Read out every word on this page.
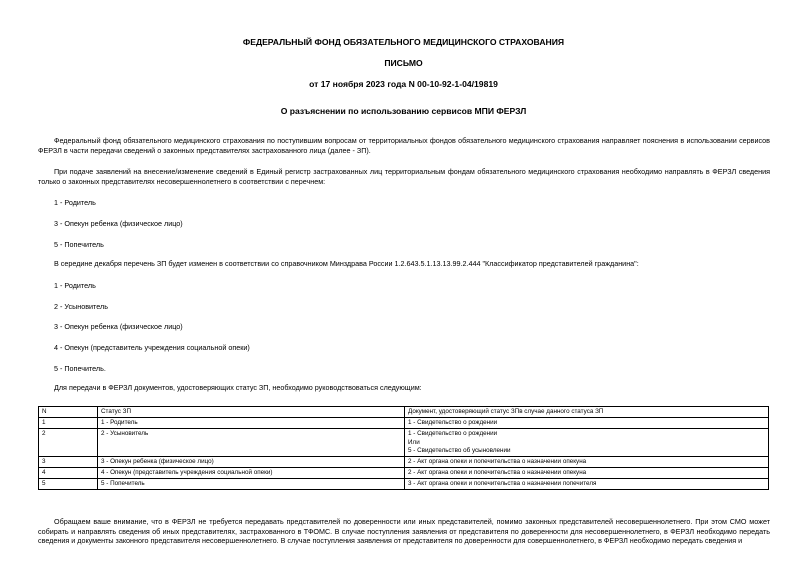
ФЕДЕРАЛЬНЫЙ ФОНД ОБЯЗАТЕЛЬНОГО МЕДИЦИНСКОГО СТРАХОВАНИЯ
ПИСЬМО
от 17 ноября 2023 года N 00-10-92-1-04/19819
О разъяснении по использованию сервисов МПИ ФЕРЗЛ
Федеральный фонд обязательного медицинского страхования по поступившим вопросам от территориальных фондов обязательного медицинского страхования направляет пояснения в использовании сервисов ФЕРЗЛ в части передачи сведений о законных представителях застрахованного лица (далее - ЗП).
При подаче заявлений на внесение/изменение сведений в Единый регистр застрахованных лиц территориальным фондам обязательного медицинского страхования необходимо направлять в ФЕРЗЛ сведения только о законных представителях несовершеннолетнего в соответствии с перечнем:
1 - Родитель
3 - Опекун ребенка (физическое лицо)
5 - Попечитель
В середине декабря перечень ЗП будет изменен в соответствии со справочником Минздрава России 1.2.643.5.1.13.13.99.2.444 "Классификатор представителей гражданина":
1 - Родитель
2 - Усыновитель
3 - Опекун ребенка (физическое лицо)
4 - Опекун (представитель учреждения социальной опеки)
5 - Попечитель.
Для передачи в ФЕРЗЛ документов, удостоверяющих статус ЗП, необходимо руководствоваться следующим:
N	Статус ЗП	Документ, удостоверяющий статус ЗПв случае данного статуса ЗП
1	1 - Родитель	1 - Свидетельство о рождении

2	2 - Усыновитель	1 - Свидетельство о рождении
Или
5 - Свидетельство об усыновлении

3	3 - Опекун ребенка (физическое лицо)	2 - Акт органа опеки и попечительства о назначении опекуна

4	4 - Опекун (представитель учреждения социальной опеки)	2 - Акт органа опеки и попечительства о назначении опекуна

5	5 - Попечитель	3 - Акт органа опеки и попечительства о назначении попечителя
Обращаем ваше внимание, что в ФЕРЗЛ не требуется передавать представителей по доверенности или иных представителей, помимо законных представителей несовершеннолетнего. При этом СМО может собирать и направлять сведения об иных представителях, застрахованного в ТФОМС. В случае поступления заявления от представителя по доверенности для несовершеннолетнего, в ФЕРЗЛ необходимо передать сведения и документы законного представителя несовершеннолетнего. В случае поступления заявления от представителя по доверенности для совершеннолетнего, в ФЕРЗЛ необходимо передать сведения и
